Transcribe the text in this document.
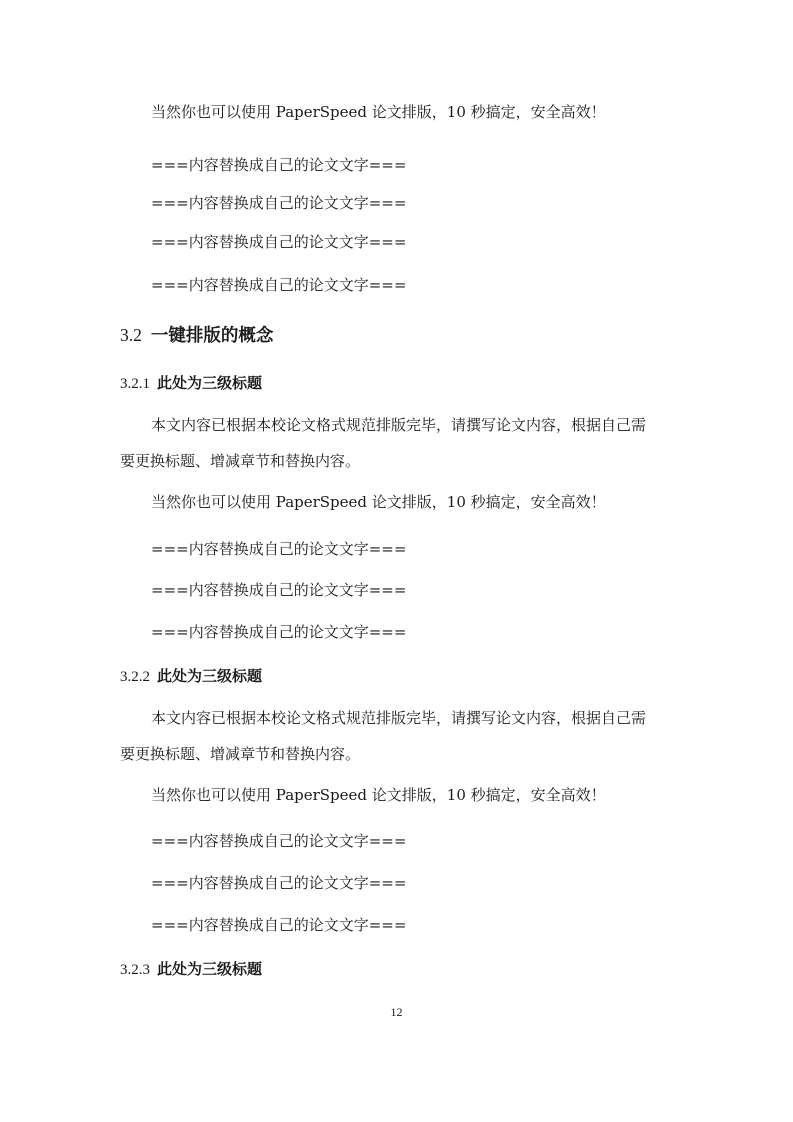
当然你也可以使用 PaperSpeed 论文排版，10 秒搞定，安全高效！
===内容替换成自己的论文文字===
===内容替换成自己的论文文字===
===内容替换成自己的论文文字===
===内容替换成自己的论文文字===
3.2 一键排版的概念
3.2.1 此处为三级标题
本文内容已根据本校论文格式规范排版完毕，请撰写论文内容，根据自己需
要更换标题、增减章节和替换内容。
当然你也可以使用 PaperSpeed 论文排版，10 秒搞定，安全高效！
===内容替换成自己的论文文字===
===内容替换成自己的论文文字===
===内容替换成自己的论文文字===
3.2.2 此处为三级标题
本文内容已根据本校论文格式规范排版完毕，请撰写论文内容，根据自己需
要更换标题、增减章节和替换内容。
当然你也可以使用 PaperSpeed 论文排版，10 秒搞定，安全高效！
===内容替换成自己的论文文字===
===内容替换成自己的论文文字===
===内容替换成自己的论文文字===
3.2.3 此处为三级标题
12
